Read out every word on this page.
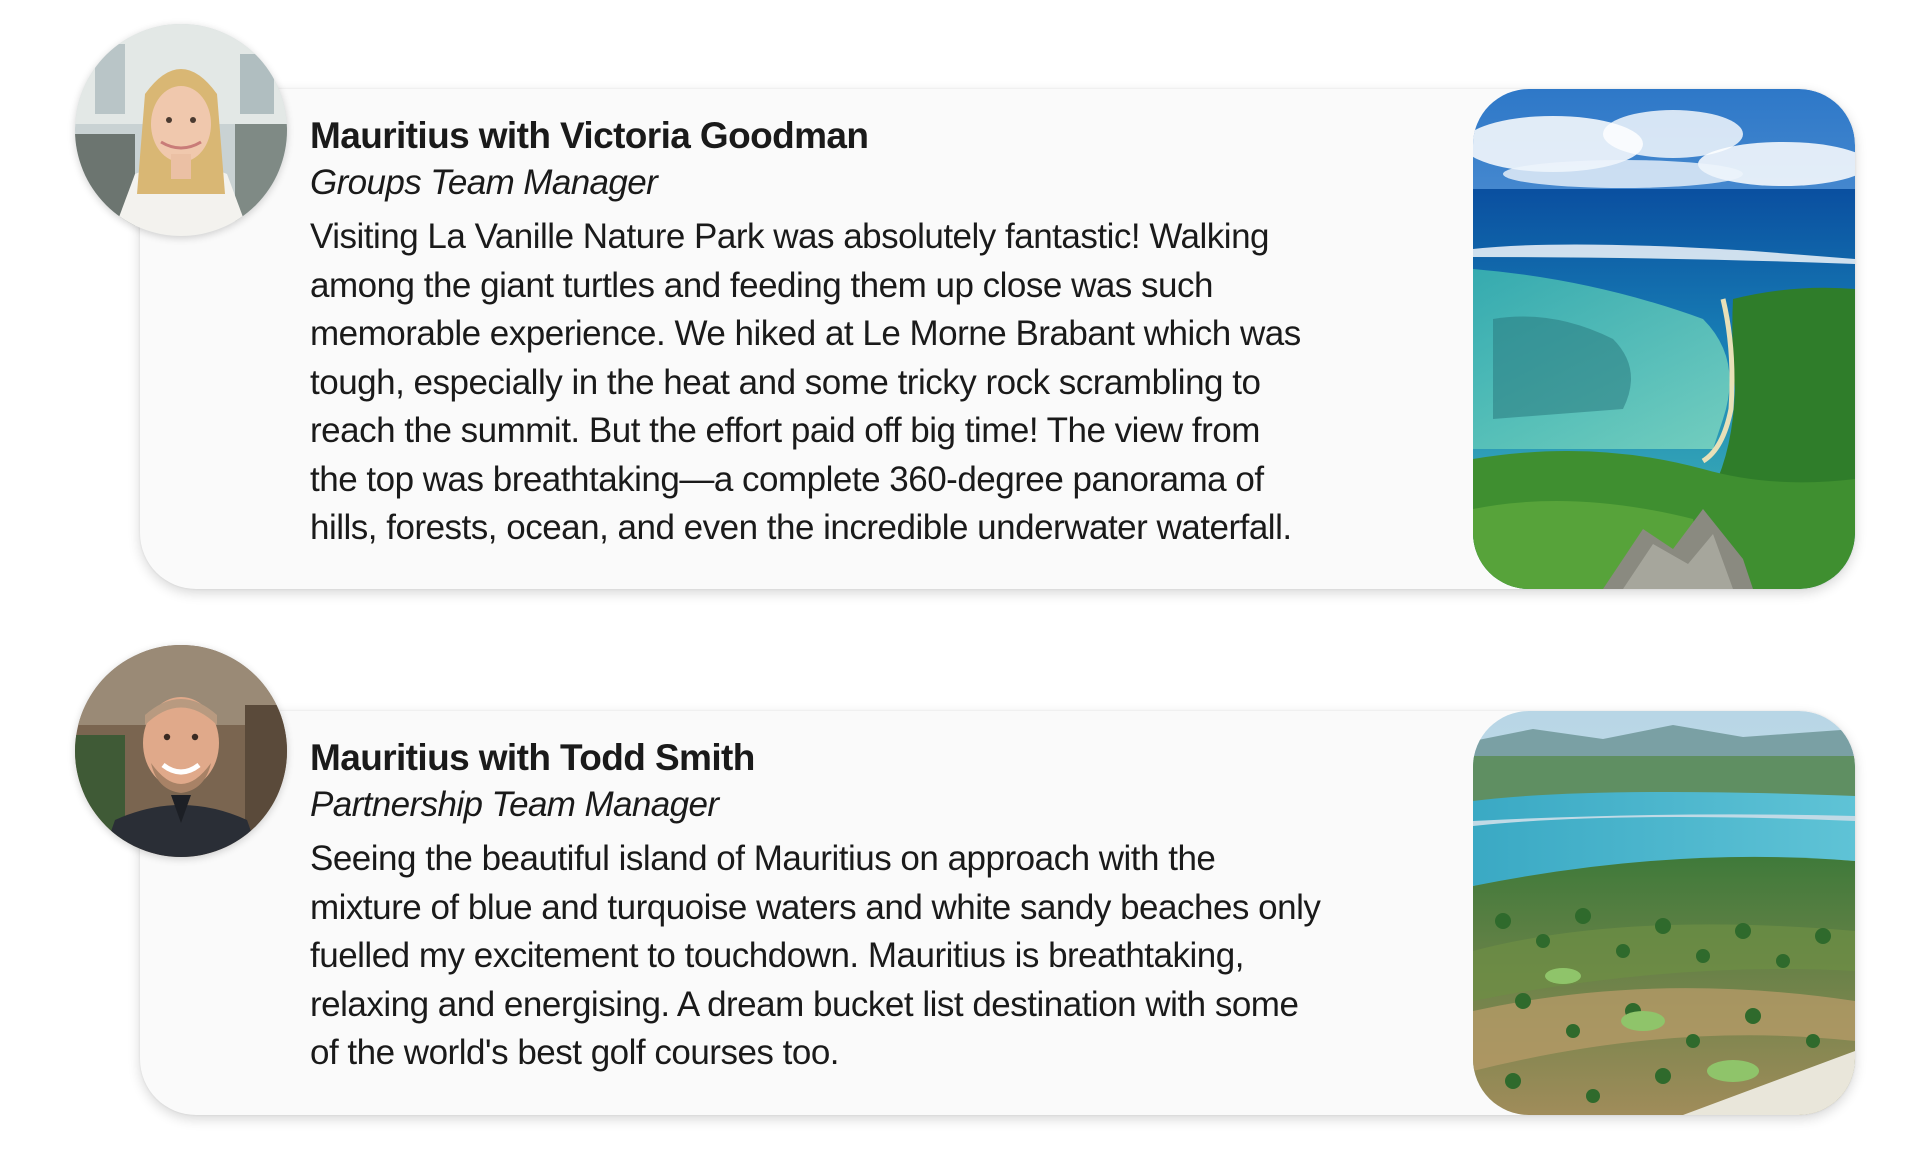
Mauritius with Victoria Goodman

Groups Team Manager

Visiting La Vanille Nature Park was absolutely fantastic! Walking
among the giant turtles and feeding them up close was such
memorable experience. We hiked at Le Morne Brabant which was
tough, especially in the heat and some tricky rock scrambling to
reach the summit. But the effort paid off big time! The view from
the top was breathtaking—a complete 360-degree panorama of
hills, forests, ocean, and even the incredible underwater waterfall.

Mauritius with Todd Smith

Partnership Team Manager

Seeing the beautiful island of Mauritius on approach with the
mixture of blue and turquoise waters and white sandy beaches only
fuelled my excitement to touchdown. Mauritius is breathtaking,
relaxing and energising. A dream bucket list destination with some
of the world's best golf courses too.
